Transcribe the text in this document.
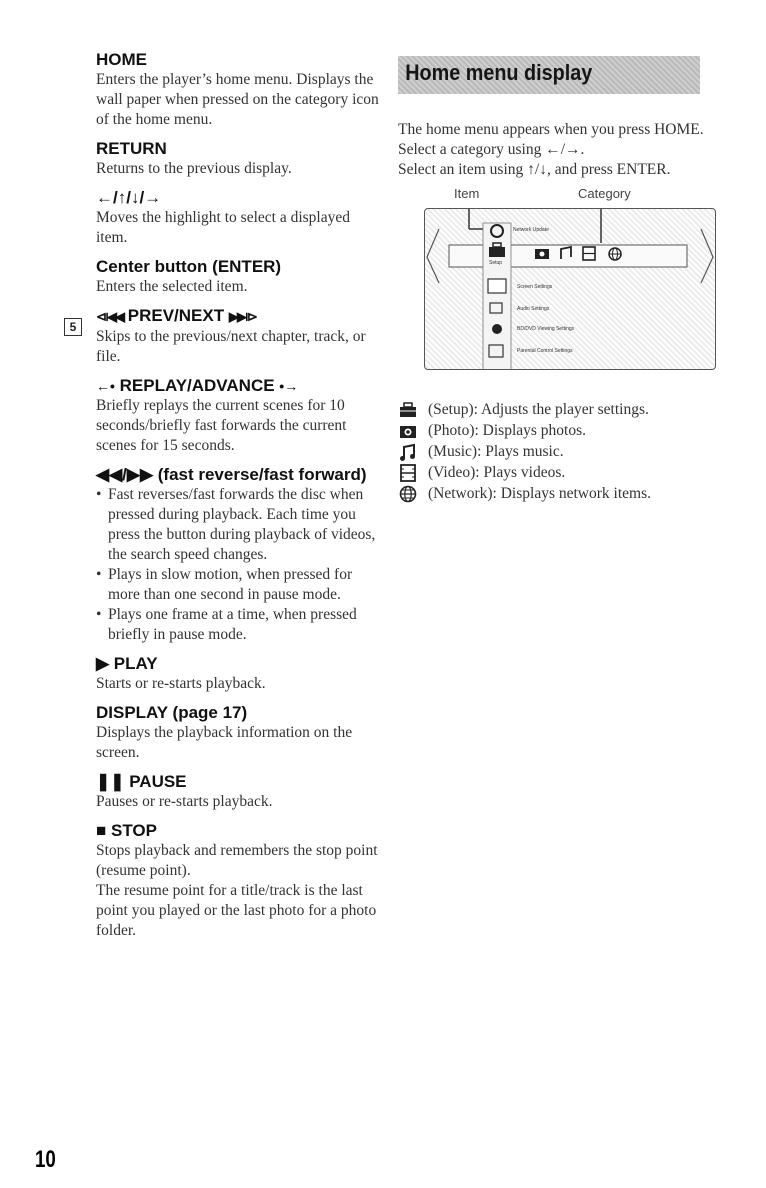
5

HOME

Enters the player’s home menu. Displays the wall paper when pressed on the category icon of the home menu.

RETURN

Returns to the previous display.

←/↑/↓/→

Moves the highlight to select a displayed item.

Center button (ENTER)

Enters the selected item.

⧏◀◀ PREV/NEXT ▶▶⧐

Skips to the previous/next chapter, track, or file.

←• REPLAY/ADVANCE •→

Briefly replays the current scenes for 10 seconds/briefly fast forwards the current scenes for 15 seconds.

◀◀/▶▶ (fast reverse/fast forward)

• Fast reverses/fast forwards the disc when pressed during playback. Each time you press the button during playback of videos, the search speed changes.
• Plays in slow motion, when pressed for more than one second in pause mode.
• Plays one frame at a time, when pressed briefly in pause mode.

▶ PLAY

Starts or re-starts playback.

DISPLAY (page 17)

Displays the playback information on the screen.

❚❚ PAUSE

Pauses or re-starts playback.

■ STOP

Stops playback and remembers the stop point (resume point).

The resume point for a title/track is the last point you played or the last photo for a photo folder.

Home menu display

The home menu appears when you press HOME. Select a category using ←/→.

Select an item using ↑/↓, and press ENTER.

Item	Category
Network Update
Setup
Screen Settings
Audio Settings
BD/DVD Viewing Settings
Parental Control Settings
(Setup): Adjusts the player settings.
(Photo): Displays photos.
(Music): Plays music.
(Video): Plays videos.
(Network): Displays network items.
10
